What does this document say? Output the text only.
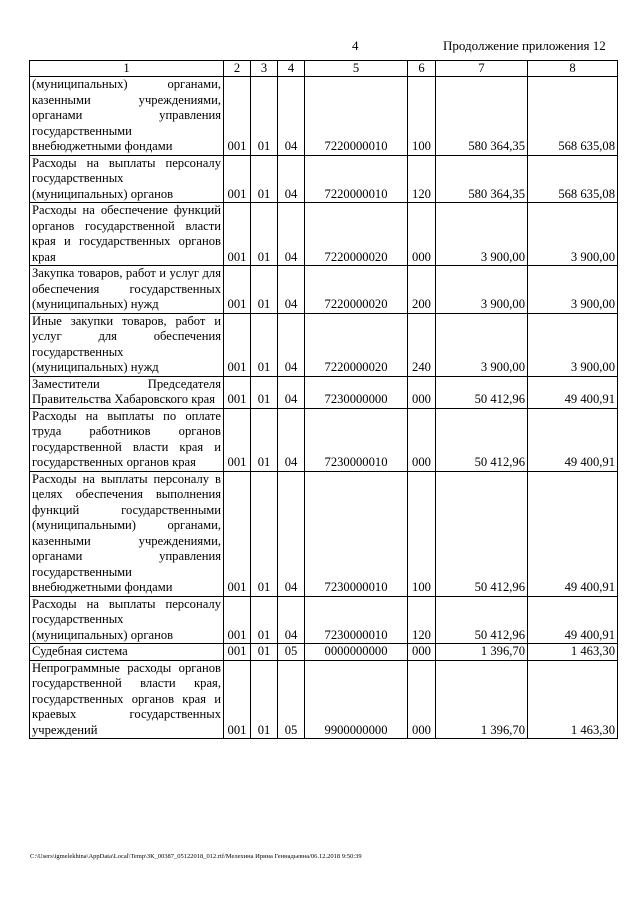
4	Продолжение приложения 12
1	2	3	4	5	6	7	8
(муниципальных) органами, казенными учреждениями, органами управления государственными внебюджетными фондами	001	01	04	7220000010	100	580 364,35	568 635,08
Расходы на выплаты персоналу государственных (муниципальных) органов	001	01	04	7220000010	120	580 364,35	568 635,08
Расходы на обеспечение функций органов государственной власти края и государственных органов края	001	01	04	7220000020	000	3 900,00	3 900,00
Закупка товаров, работ и услуг для обеспечения государственных (муниципальных) нужд	001	01	04	7220000020	200	3 900,00	3 900,00
Иные закупки товаров, работ и услуг для обеспечения государственных (муниципальных) нужд	001	01	04	7220000020	240	3 900,00	3 900,00
Заместители Председателя Правительства Хабаровского края	001	01	04	7230000000	000	50 412,96	49 400,91
Расходы на выплаты по оплате труда работников органов государственной власти края и государственных органов края	001	01	04	7230000010	000	50 412,96	49 400,91
Расходы на выплаты персоналу в целях обеспечения выполнения функций государственными (муниципальными) органами, казенными учреждениями, органами управления государственными внебюджетными фондами	001	01	04	7230000010	100	50 412,96	49 400,91
Расходы на выплаты персоналу государственных (муниципальных) органов	001	01	04	7230000010	120	50 412,96	49 400,91
Судебная система	001	01	05	0000000000	000	1 396,70	1 463,30
Непрограммные расходы органов государственной власти края, государственных органов края и краевых государственных учреждений	001	01	05	9900000000	000	1 396,70	1 463,30
C:\Users\igmelekhina\AppData\Local\Temp\ЗК_00387_05122018_012.rtf/Мелехина Ирина Геннадьевна/06.12.2018 9:50:39
